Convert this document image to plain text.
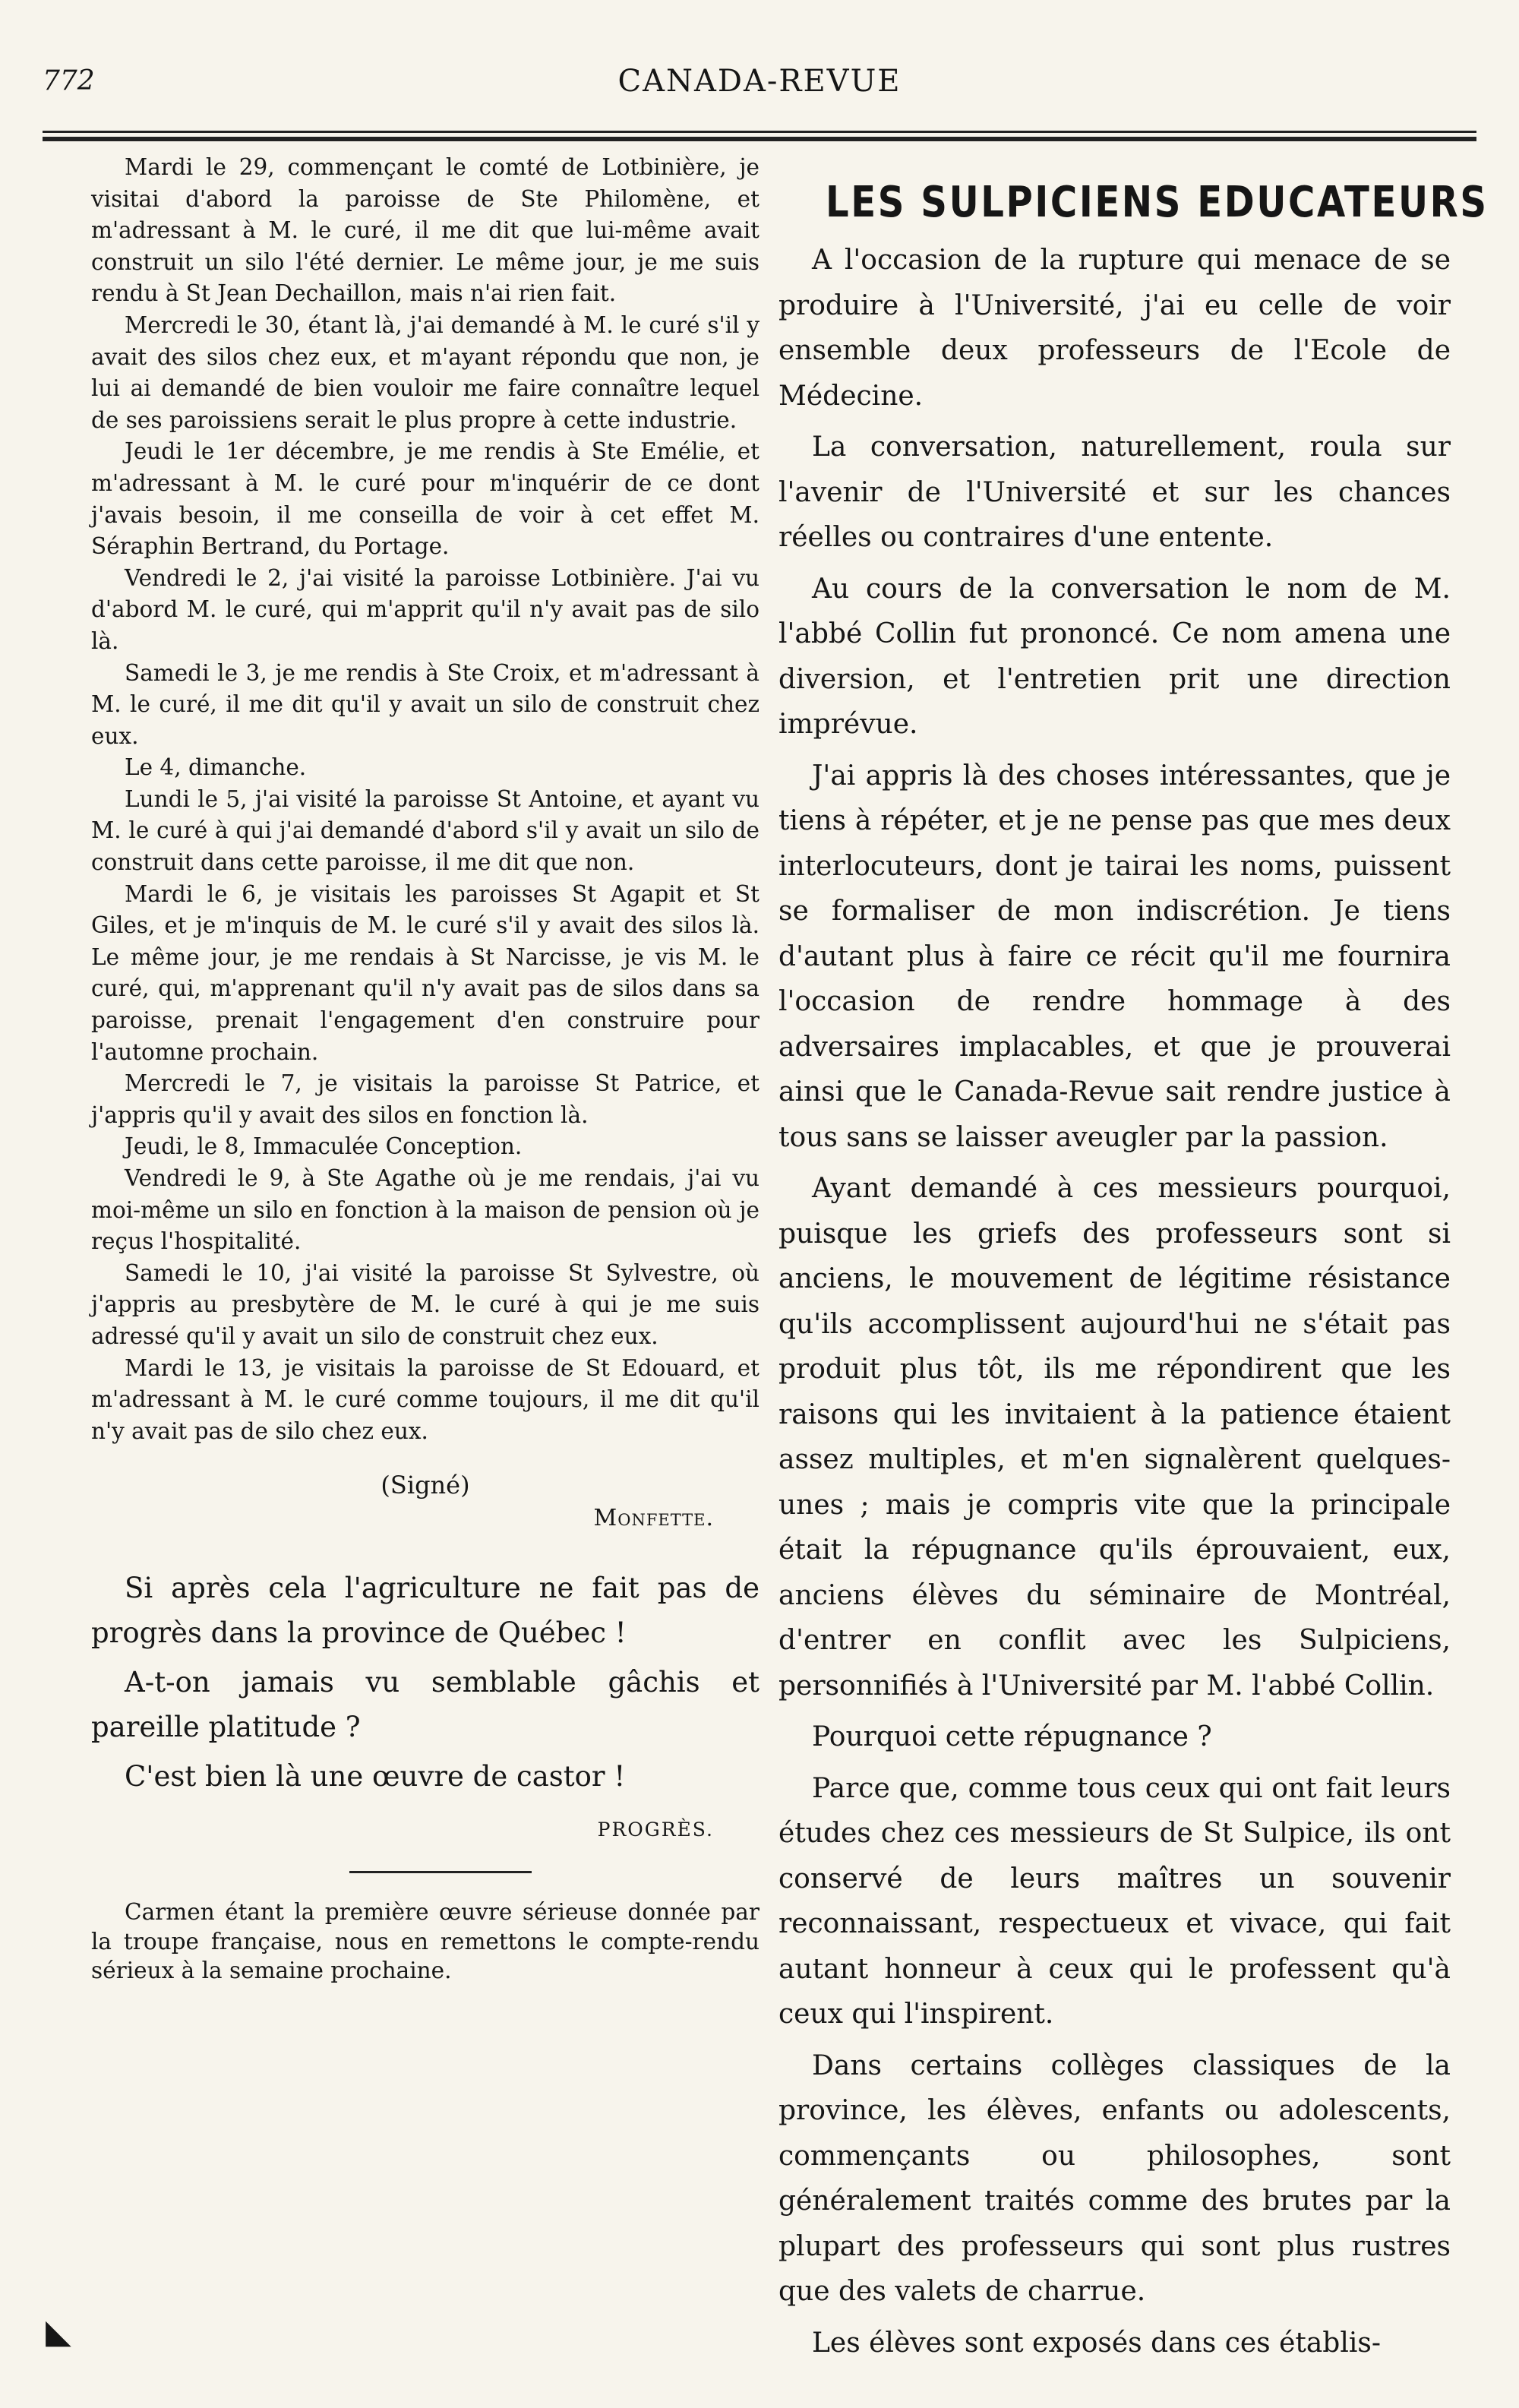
772	CANADA-REVUE

Mardi le 29, commençant le comté de Lotbinière, je visitai d'abord la paroisse de Ste Philomène, et m'adressant à M. le curé, il me dit que lui-même avait construit un silo l'été dernier. Le même jour, je me suis rendu à St Jean Dechaillon, mais n'ai rien fait.

Mercredi le 30, étant là, j'ai demandé à M. le curé s'il y avait des silos chez eux, et m'ayant répondu que non, je lui ai demandé de bien vouloir me faire connaître lequel de ses paroissiens serait le plus propre à cette industrie.

Jeudi le 1er décembre, je me rendis à Ste Emélie, et m'adressant à M. le curé pour m'inquérir de ce dont j'avais besoin, il me conseilla de voir à cet effet M. Séraphin Bertrand, du Portage.

Vendredi le 2, j'ai visité la paroisse Lotbinière. J'ai vu d'abord M. le curé, qui m'apprit qu'il n'y avait pas de silo là.

Samedi le 3, je me rendis à Ste Croix, et m'adressant à M. le curé, il me dit qu'il y avait un silo de construit chez eux.

Le 4, dimanche.

Lundi le 5, j'ai visité la paroisse St Antoine, et ayant vu M. le curé à qui j'ai demandé d'abord s'il y avait un silo de construit dans cette paroisse, il me dit que non.

Mardi le 6, je visitais les paroisses St Agapit et St Giles, et je m'inquis de M. le curé s'il y avait des silos là. Le même jour, je me rendais à St Narcisse, je vis M. le curé, qui, m'apprenant qu'il n'y avait pas de silos dans sa paroisse, prenait l'engagement d'en construire pour l'automne prochain.

Mercredi le 7, je visitais la paroisse St Patrice, et j'appris qu'il y avait des silos en fonction là.

Jeudi, le 8, Immaculée Conception.

Vendredi le 9, à Ste Agathe où je me rendais, j'ai vu moi-même un silo en fonction à la maison de pension où je reçus l'hospitalité.

Samedi le 10, j'ai visité la paroisse St Sylvestre, où j'appris au presbytère de M. le curé à qui je me suis adressé qu'il y avait un silo de construit chez eux.

Mardi le 13, je visitais la paroisse de St Edouard, et m'adressant à M. le curé comme toujours, il me dit qu'il n'y avait pas de silo chez eux.

(Signé)
Monfette.

Si après cela l'agriculture ne fait pas de progrès dans la province de Québec !

A-t-on jamais vu semblable gâchis et pareille platitude ?

C'est bien là une œuvre de castor !

PROGRÈS.

Carmen étant la première œuvre sérieuse donnée par la troupe française, nous en remettons le compte-rendu sérieux à la semaine prochaine.

LES SULPICIENS EDUCATEURS

A l'occasion de la rupture qui menace de se produire à l'Université, j'ai eu celle de voir ensemble deux professeurs de l'Ecole de Médecine.

La conversation, naturellement, roula sur l'avenir de l'Université et sur les chances réelles ou contraires d'une entente.

Au cours de la conversation le nom de M. l'abbé Collin fut prononcé. Ce nom amena une diversion, et l'entretien prit une direction imprévue.

J'ai appris là des choses intéressantes, que je tiens à répéter, et je ne pense pas que mes deux interlocuteurs, dont je tairai les noms, puissent se formaliser de mon indiscrétion. Je tiens d'autant plus à faire ce récit qu'il me fournira l'occasion de rendre hommage à des adversaires implacables, et que je prouverai ainsi que le Canada-Revue sait rendre justice à tous sans se laisser aveugler par la passion.

Ayant demandé à ces messieurs pourquoi, puisque les griefs des professeurs sont si anciens, le mouvement de légitime résistance qu'ils accomplissent aujourd'hui ne s'était pas produit plus tôt, ils me répondirent que les raisons qui les invitaient à la patience étaient assez multiples, et m'en signalèrent quelques-unes ; mais je compris vite que la principale était la répugnance qu'ils éprouvaient, eux, anciens élèves du séminaire de Montréal, d'entrer en conflit avec les Sulpiciens, personnifiés à l'Université par M. l'abbé Collin.

Pourquoi cette répugnance ?

Parce que, comme tous ceux qui ont fait leurs études chez ces messieurs de St Sulpice, ils ont conservé de leurs maîtres un souvenir reconnaissant, respectueux et vivace, qui fait autant honneur à ceux qui le professent qu'à ceux qui l'inspirent.

Dans certains collèges classiques de la province, les élèves, enfants ou adolescents, commençants ou philosophes, sont généralement traités comme des brutes par la plupart des professeurs qui sont plus rustres que des valets de charrue.

Les élèves sont exposés dans ces établis-

◣
